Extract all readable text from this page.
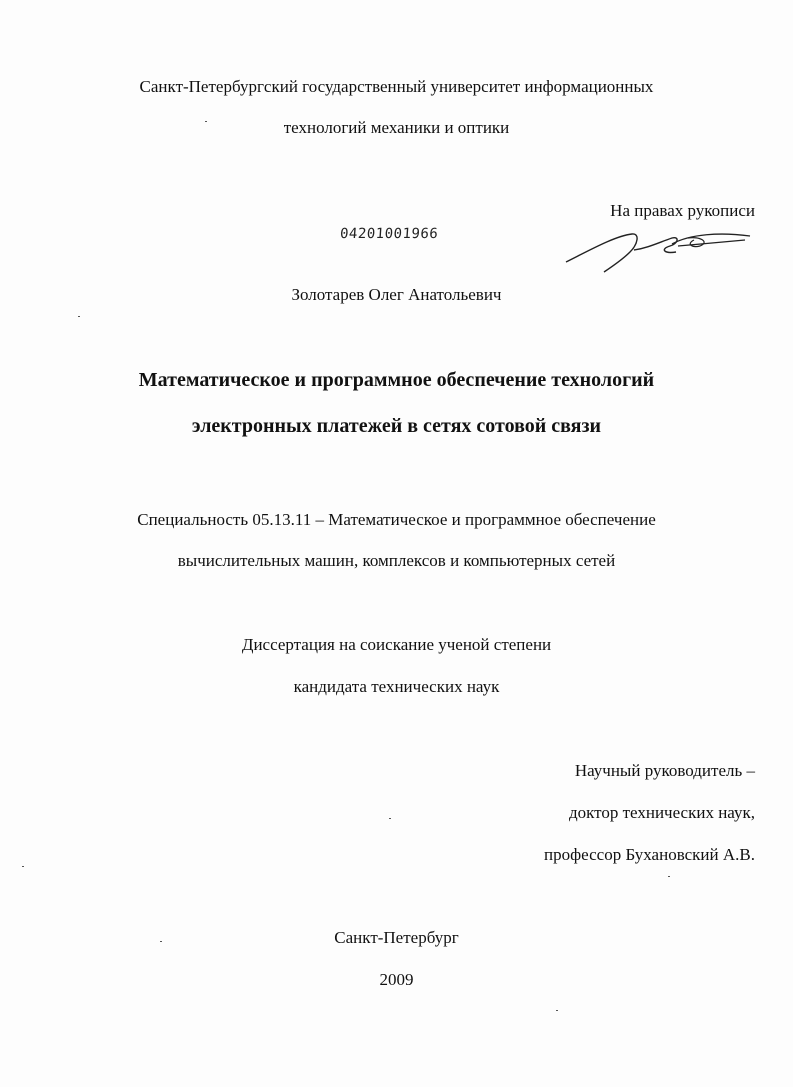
Санкт-Петербургский государственный университет информационных
технологий механики и оптики
На правах рукописи
04201001966
Золотарев Олег Анатольевич
Математическое и программное обеспечение технологий
электронных платежей в сетях сотовой связи
Специальность 05.13.11 – Математическое и программное обеспечение
вычислительных машин, комплексов и компьютерных сетей
Диссертация на соискание ученой степени
кандидата технических наук
Научный руководитель –
доктор технических наук,
профессор Бухановский А.В.
Санкт-Петербург
2009
